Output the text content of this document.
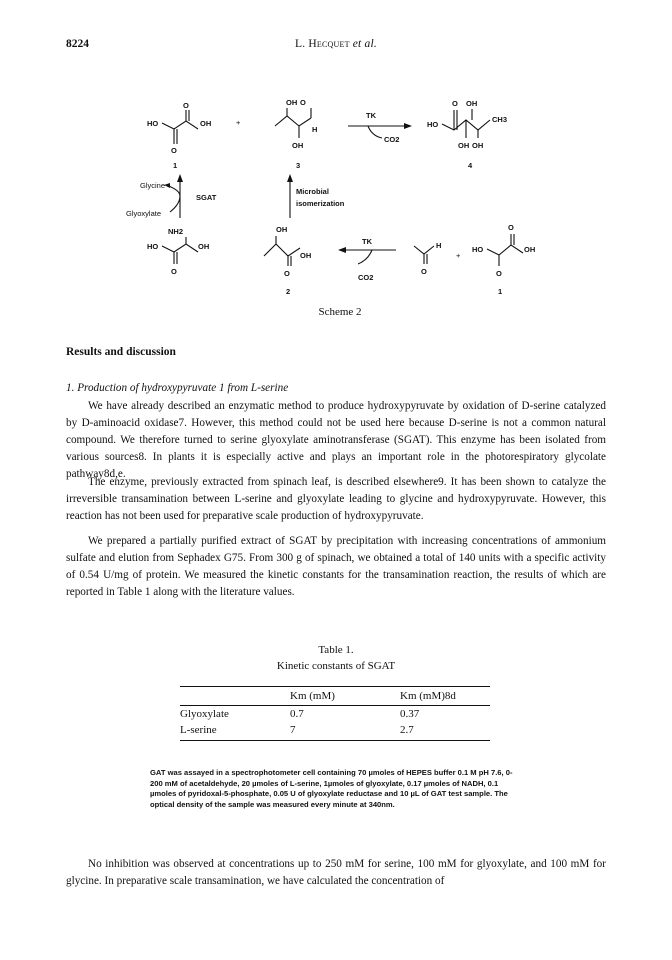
8224	L. Hecquet et al.
HO
O
OH
O
1
+
OH O
H
OH
3
TK
CO2
HO
O OH
CH3
OH OH
4
Glycine
Glyoxylate
SGAT
Microbial
isomerization
NH2
HO	OH
O
OH
OH
O
2
TK
CO2
H
O
+
HO
O
OH
O
1
Scheme 2
Results and discussion
1. Production of hydroxypyruvate 1 from L-serine

We have already described an enzymatic method to produce hydroxypyruvate by oxidation of D-serine catalyzed by D-aminoacid oxidase7. However, this method could not be used here because D-serine is not a common natural compound. We therefore turned to serine glyoxylate aminotransferase (SGAT). This enzyme has been isolated from various sources8. In plants it is especially active and plays an important role in the photorespiratory glycolate pathway8d,e.

The enzyme, previously extracted from spinach leaf, is described elsewhere9. It has been shown to catalyze the irreversible transamination between L-serine and glyoxylate leading to glycine and hydroxypyruvate. However, this reaction has not been used for preparative scale production of hydroxypyruvate.

We prepared a partially purified extract of SGAT by precipitation with increasing concentrations of ammonium sulfate and elution from Sephadex G75. From 300 g of spinach, we obtained a total of 140 units with a specific activity of 0.54 U/mg of protein. We measured the kinetic constants for the transamination reaction, the results of which are reported in Table 1 along with the literature values.

Table 1.
Kinetic constants of SGAT
	Km (mM)	Km (mM)8d
Glyoxylate	0.7	0.37
L-serine	7	2.7
GAT was assayed in a spectrophotometer cell containing 70 µmoles of HEPES buffer 0.1 M pH 7.6, 0-200 mM of acetaldehyde, 20 µmoles of L-serine, 1µmoles of glyoxylate, 0.17 µmoles of NADH, 0.1 µmoles of pyridoxal-5-phosphate, 0.05 U of glyoxylate reductase and 10 µL of GAT test sample. The optical density of the sample was measured every minute at 340nm.

No inhibition was observed at concentrations up to 250 mM for serine, 100 mM for glyoxylate, and 100 mM for glycine. In preparative scale transamination, we have calculated the concentration of
